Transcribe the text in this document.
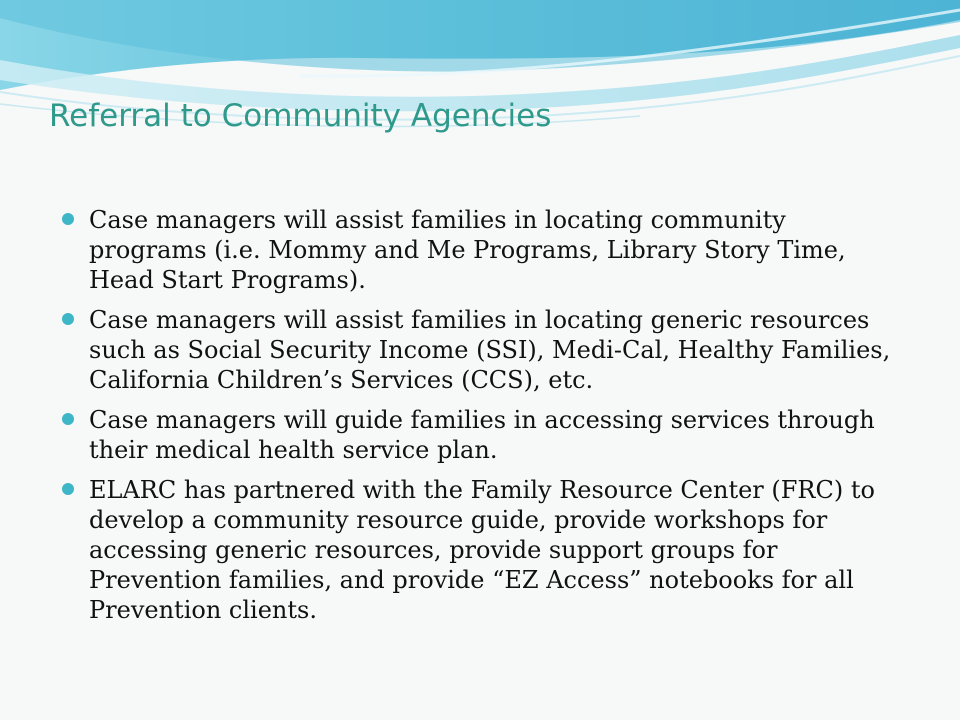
Referral to Community Agencies
Case managers will assist families in locating community programs (i.e. Mommy and Me Programs, Library Story Time, Head Start Programs).
Case managers will assist families in locating generic resources such as Social Security Income (SSI), Medi-Cal, Healthy Families, California Children’s Services (CCS), etc.
Case managers will guide families in accessing services through their medical health service plan.
ELARC has partnered with the Family Resource Center (FRC) to develop a community resource guide, provide workshops for accessing generic resources, provide support groups for Prevention families, and provide “EZ Access” notebooks for all Prevention clients.
